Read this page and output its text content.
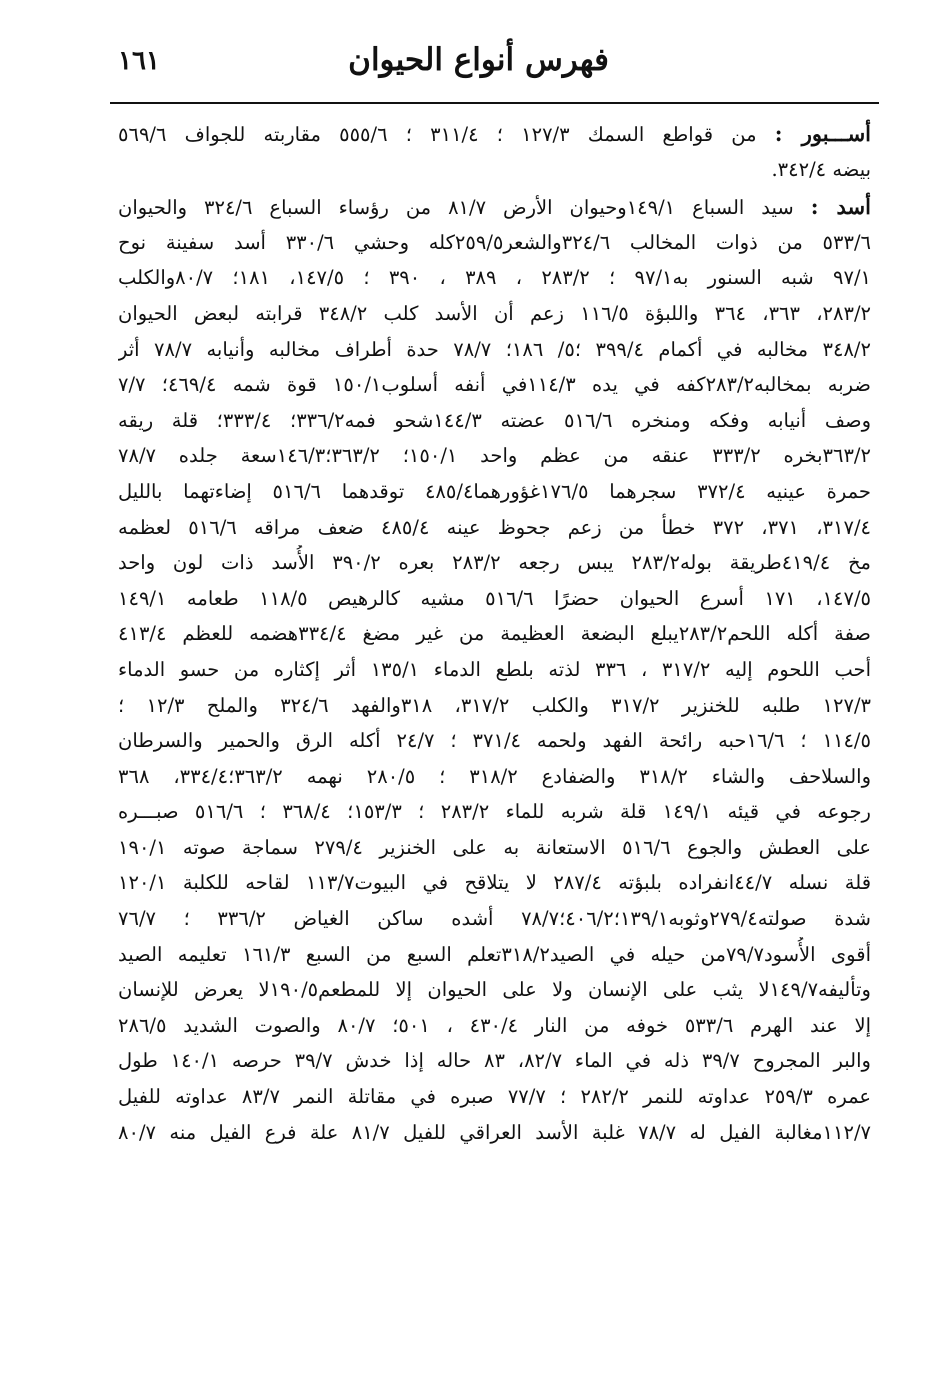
فهرس أنواع الحيوان
١٦١
أســـبور : من قواطع السمك ١٢٧/٣ ؛ ٣١١/٤ ؛ ٥٥٥/٦ مقاربته للجواف ٥٦٩/٦
بيضه ٣٤٢/٤.
أسد : سيد السباع ١٤٩/١وحيوان الأرض ٨١/٧ من رؤساء السباع ٣٢٤/٦ والحيوان
٥٣٣/٦ من ذوات المخالب ٣٢٤/٦والشعر٢٥٩/٥كله وحشي ٣٣٠/٦ أسد سفينة نوح
٩٧/١ شبه السنور به٩٧/١ ؛ ٢٨٣/٢ ، ٣٨٩ ، ٣٩٠ ؛ ١٤٧/٥، ١٨١؛ ٨٠/٧والكلب
٢٨٣/٢، ٣٦٣، ٣٦٤ واللبؤة ١١٦/٥ زعم أن الأسد كلب ٣٤٨/٢ قرابته لبعض الحيوان
٣٤٨/٢ مخالبه في أكمام ٣٩٩/٤ ؛٥/ ١٨٦؛ ٧٨/٧ حدة أطراف مخالبه وأنيابه ٧٨/٧ أثر
ضربه بمخالبه٢٨٣/٢كفه في يده ١١٤/٣في أنفه أسلوب١٥٠/١ قوة شمه ٤٦٩/٤؛ ٧/٧
وصف أنيابه وفكه ومنخره ٥١٦/٦ عضته ١٤٤/٣شحو فمه٣٣٦/٢؛ ٣٣٣/٤؛ قلة ريقه
٣٦٣/٢بخره ٣٣٣/٢ عنقه من عظم واحد ١٥٠/١؛ ٣٦٣/٢؛١٤٦/٣سعة جلده ٧٨/٧
حمرة عينيه ٣٧٢/٤ سجرهما ١٧٦/٥غؤورهما٤٨٥/٤ توقدهما ٥١٦/٦ إضاءتهما بالليل
٣١٧/٤، ٣٧١، ٣٧٢ خطأ من زعم جحوظ عينه ٤٨٥/٤ ضعف مراقه ٥١٦/٦ لعظمه
مخ ٤١٩/٤طريقة بوله٢٨٣/٢ يبس رجعه ٢٨٣/٢ بعره ٣٩٠/٢ الأُسد ذات لون واحد
١٤٧/٥، ١٧١ أسرع الحيوان حضرًا ٥١٦/٦ مشيه كالرهيص ١١٨/٥ طعامه ١٤٩/١
صفة أكله اللحم٢٨٣/٢يبلع البضعة العظيمة من غير مضغ ٣٣٤/٤هضمه للعظم ٤١٣/٤
أحب اللحوم إليه ٣١٧/٢ ، ٣٣٦ لذته بلطع الدماء ١٣٥/١ أثر إكثاره من حسو الدماء
١٢٧/٣ طلبه للخنزير ٣١٧/٢ والكلب ٣١٧/٢، ٣١٨والفهد ٣٢٤/٦ والملح ١٢/٣ ؛
١١٤/٥ ؛ ١٦/٦حبه رائحة الفهد ولحمه ٣٧١/٤ ؛ ٢٤/٧ أكله الرق والحمير والسرطان
والسلاحف والشاء ٣١٨/٢ والضفادع ٣١٨/٢ ؛ ٢٨٠/٥ نهمه ٣٦٣/٢؛٣٣٤/٤، ٣٦٨
رجوعه في قيئه ١٤٩/١ قلة شربه للماء ٢٨٣/٢ ؛ ١٥٣/٣؛ ٣٦٨/٤ ؛ ٥١٦/٦ صبـــره
على العطش والجوع ٥١٦/٦ الاستعانة به على الخنزير ٢٧٩/٤ سماجة صوته ١٩٠/١
قلة نسله ٤٤/٧انفراده بلبؤته ٢٨٧/٤ لا يتلاقح في البيوت١١٣/٧ لقاحه للكلبة ١٢٠/١
شدة صولته٢٧٩/٤وثوبه١٣٩/١؛٤٠٦/٢؛٧٨/٧ أشده ساكن الغياض ٣٣٦/٢ ؛ ٧٦/٧
أقوى الأُسود٧٩/٧من حيله في الصيد٣١٨/٢تعلم السبع من السبع ١٦١/٣ تعليمه الصيد
وتأليفه١٤٩/٧لا يثب على الإنسان ولا على الحيوان إلا للمطعم١٩٠/٥لا يعرض للإنسان
إلا عند الهرم ٥٣٣/٦ خوفه من النار ٤٣٠/٤ ، ٥٠١؛ ٨٠/٧ والصوت الشديد ٢٨٦/٥
والبر المجروح ٣٩/٧ ذله في الماء ٨٢/٧، ٨٣ حاله إذا خدش ٣٩/٧ حرصه ١٤٠/١ طول
عمره ٢٥٩/٣ عداوته للنمر ٢٨٢/٢ ؛ ٧٧/٧ صبره في مقاتلة النمر ٨٣/٧ عداوته للفيل
١١٢/٧مغالبة الفيل له ٧٨/٧ غلبة الأسد العراقي للفيل ٨١/٧ علة فرع الفيل منه ٨٠/٧
